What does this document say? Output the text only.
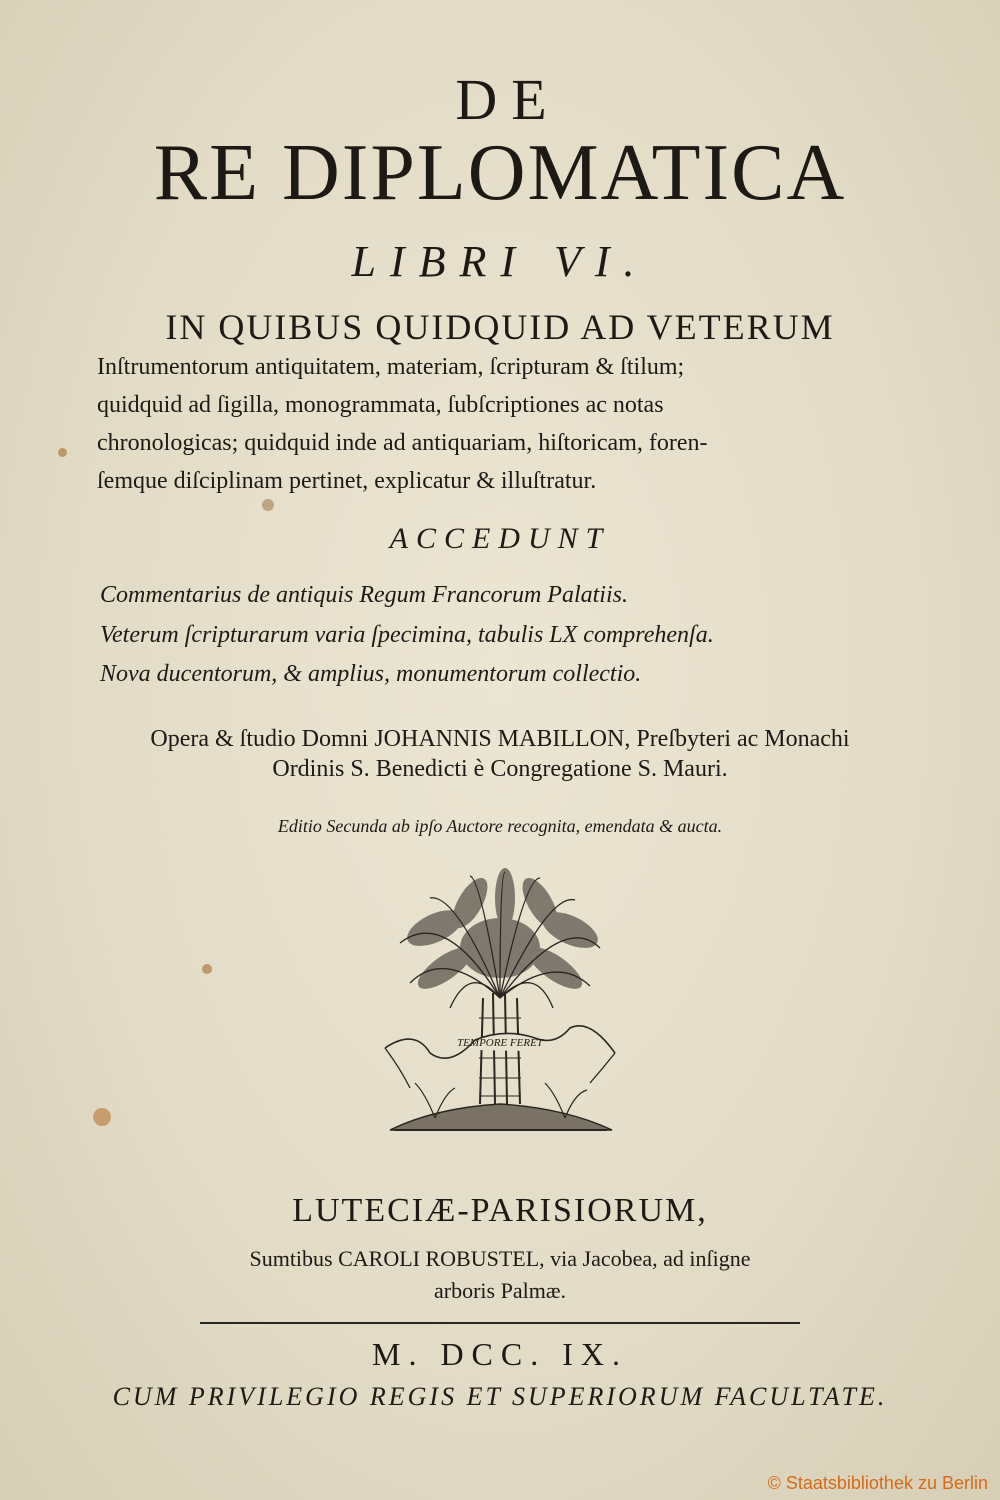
DE
RE DIPLOMATICA
LIBRI VI.
IN QUIBUS QUIDQUID AD VETERUM
Inſtrumentorum antiquitatem, materiam, ſcripturam & ſtilum;
quidquid ad ſigilla, monogrammata, ſubſcriptiones ac notas
chronologicas; quidquid inde ad antiquariam, hiſtoricam, foren-
ſemque diſciplinam pertinet, explicatur & illuſtratur.
ACCEDUNT
Commentarius de antiquis Regum Francorum Palatiis.
Veterum ſcripturarum varia ſpecimina, tabulis LX comprehenſa.
Nova ducentorum, & amplius, monumentorum collectio.
Opera & ſtudio Domni JOHANNIS MABILLON, Preſbyteri ac Monachi
Ordinis S. Benedicti è Congregatione S. Mauri.
Editio Secunda ab ipſo Auctore recognita, emendata & aucta.
TEMPORE FERET
LUTECIÆ-PARISIORUM,
Sumtibus CAROLI ROBUSTEL, via Jacobea, ad inſigne
arboris Palmæ.
M. DCC. IX.
CUM PRIVILEGIO REGIS ET SUPERIORUM FACULTATE.
© Staatsbibliothek zu Berlin
